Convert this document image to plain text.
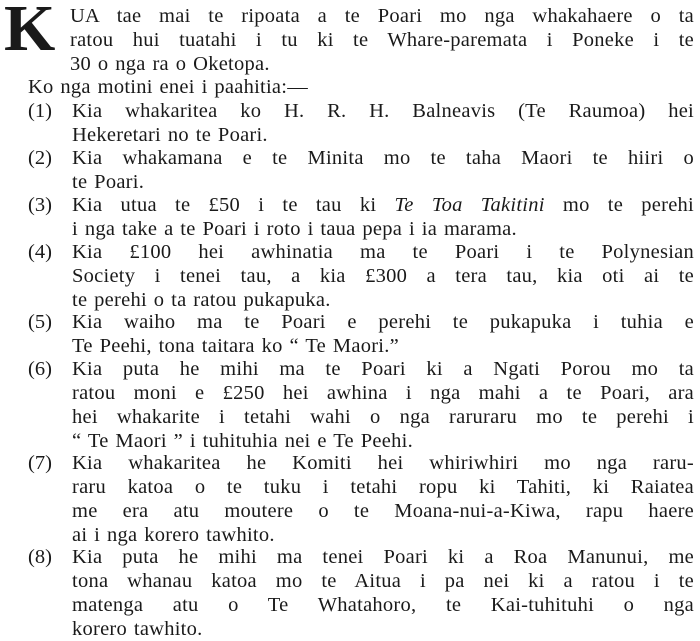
K UA tae mai te ripoata a te Poari mo nga whakahaere o ta
ratou hui tuatahi i tu ki te Whare-paremata i Poneke i te
30 o nga ra o Oketopa.
Ko nga motini enei i paahitia:—
(1) Kia whakaritea ko H. R. H. Balneavis (Te Raumoa) hei
Hekeretari no te Poari.
(2) Kia whakamana e te Minita mo te taha Maori te hiiri o
te Poari.
(3) Kia utua te £50 i te tau ki Te Toa Takitini mo te perehi
i nga take a te Poari i roto i taua pepa i ia marama.
(4) Kia £100 hei awhinatia ma te Poari i te Polynesian
Society i tenei tau, a kia £300 a tera tau, kia oti ai te
te perehi o ta ratou pukapuka.
(5) Kia waiho ma te Poari e perehi te pukapuka i tuhia e
Te Peehi, tona taitara ko “ Te Maori.”
(6) Kia puta he mihi ma te Poari ki a Ngati Porou mo ta
ratou moni e £250 hei awhina i nga mahi a te Poari, ara
hei whakarite i tetahi wahi o nga raruraru mo te perehi i
“ Te Maori ” i tuhituhia nei e Te Peehi.
(7) Kia whakaritea he Komiti hei whiriwhiri mo nga raru-
raru katoa o te tuku i tetahi ropu ki Tahiti, ki Raiatea
me era atu moutere o te Moana-nui-a-Kiwa, rapu haere
ai i nga korero tawhito.
(8) Kia puta he mihi ma tenei Poari ki a Roa Manunui, me
tona whanau katoa mo te Aitua i pa nei ki a ratou i te
matenga atu o Te Whatahoro, te Kai-tuhituhi o nga
korero tawhito.
